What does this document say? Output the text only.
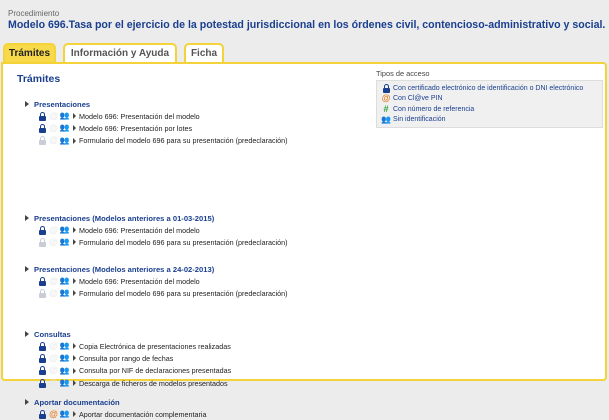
Procedimiento
Modelo 696.Tasa por el ejercicio de la potestad jurisdiccional en los órdenes civil, contencioso-administrativo y social.
Trámites	Información y Ayuda	Ficha
Trámites	Tipos de acceso
Con certificado electrónico de identificación o DNI electrónico
@ Con Cl@ve PIN
# Con número de referencia
👥 Sin identificación
Presentaciones
@ 👥 Modelo 696: Presentación del modelo
@ 👥 Modelo 696: Presentación por lotes
@ 👥 Formulario del modelo 696 para su presentación (predeclaración)
Presentaciones (Modelos anteriores a 01-03-2015)
@ 👥 Modelo 696: Presentación del modelo
@ 👥 Formulario del modelo 696 para su presentación (predeclaración)
Presentaciones (Modelos anteriores a 24-02-2013)
@ 👥 Modelo 696: Presentación del modelo
@ 👥 Formulario del modelo 696 para su presentación (predeclaración)
Consultas
@ 👥 Copia Electrónica de presentaciones realizadas
@ 👥 Consulta por rango de fechas
@ 👥 Consulta por NIF de declaraciones presentadas
@ 👥 Descarga de ficheros de modelos presentados
Aportar documentación
@ 👥 Aportar documentación complementaria
